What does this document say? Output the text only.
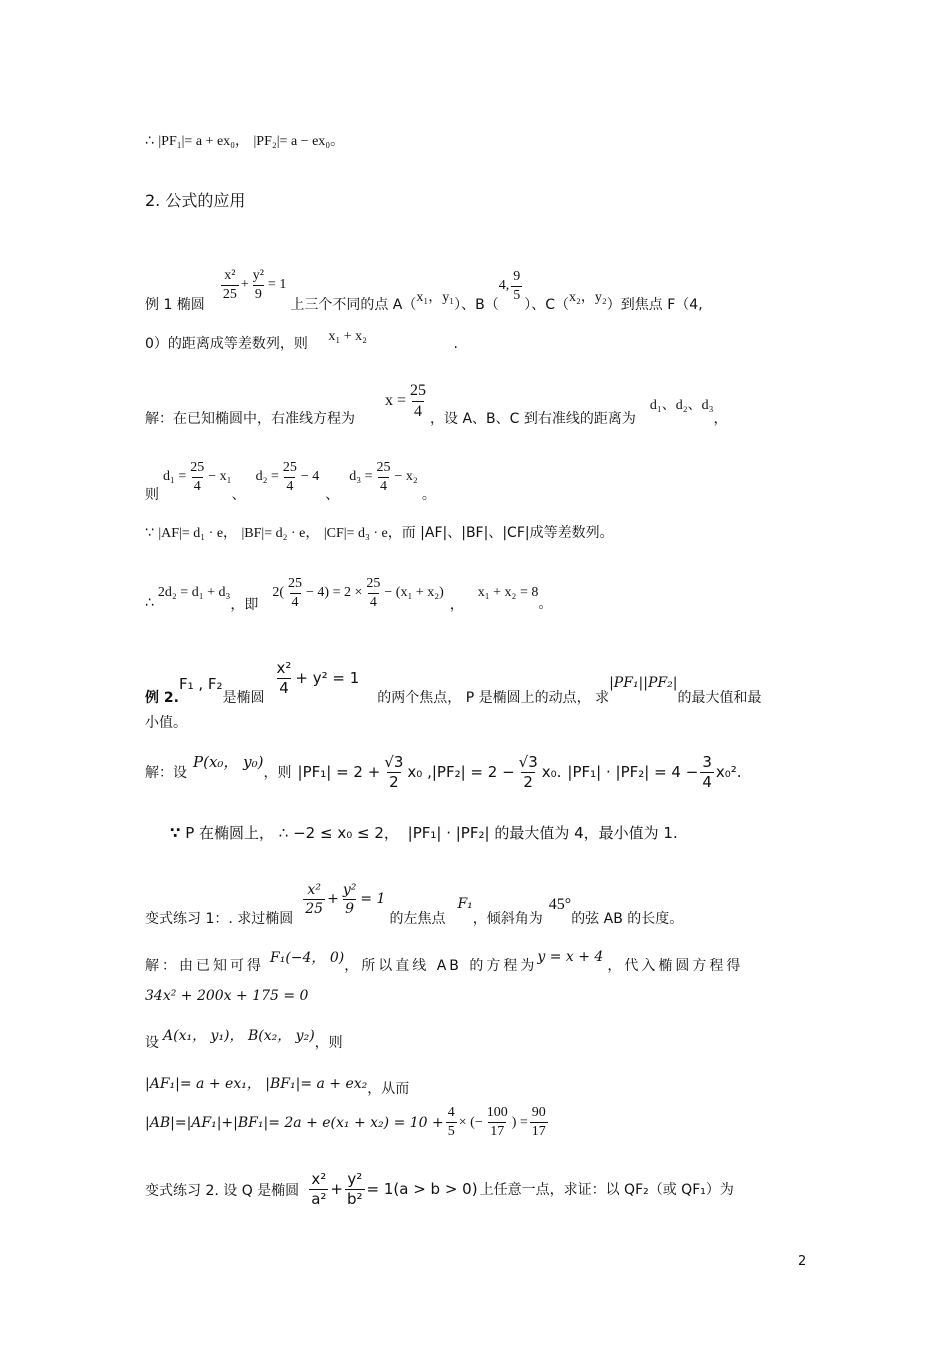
∴ |PF₁|= a + ex₀， |PF₂|= a − ex₀。
2. 公式的应用
例 1 椭圆
$\frac{\text{x²}}{25} + \frac{\text{y²}}{9} = 1$
上三个不同的点 A（ x₁，y₁ ）、B（
4, $\frac{9}{5}$
）、C（ x₂，y₂ ）到焦点 F（4,
0）的距离成等差数列，则 x₁ + x₂	.
解：在已知椭圆中，右准线方程为
$x = \frac{25}{4}$ ，设 A、B、C 到右准线的距离为
d₁、d₂、d₃
，
则
$d_1 = \frac{25}{4} - x_1$
、
$d_2 = \frac{25}{4} - 4$
、
$d_3 = \frac{25}{4} - x_2$
。
∵ |AF|= d₁ · e， |BF|= d₂ · e， |CF|= d₃ · e，而 |AF|、|BF|、|CF|成等差数列。
∴
2d₂ = d₁ + d₃
，即
$2( \frac{25}{4} - 4) = 2 \times \frac{25}{4} - (x_1 + x_2)$
，
x₁ + x₂ = 8
。
例 2.
F₁ , F₂
是椭圆
$\frac{\text{x²}}{4} + y^2 = 1$
的两个焦点， P 是椭圆上的动点， 求
|PF₁||PF₂|
的最大值和最
小值。
解：设
P(x₀， y₀)
，则 $|PF_1| = 2 + \frac{√3}{2} x_0$ , $|PF_2| = 2 - \frac{√3}{2} x_0$. $|PF_1| \cdot |PF_2| = 4 - \frac{3}{4} x_0^2$.
∵ P 在椭圆上， ∴ −2 ≤ x₀ ≤ 2， |PF₁| · |PF₂| 的最大值为 4，最小值为 1.
变式练习 1：. 求过椭圆
$\frac{\text{x²}}{25} + \frac{\text{y²}}{9} = 1$
的左焦点
F₁
，倾斜角为
45°
的弦 AB 的长度。
解：由已知可得 F₁(−4， 0) ，所以直线 AB 的方程为
y = x + 4
，代入椭圆方程得
34x² + 200x + 175 = 0
设 A(x₁， y₁)， B(x₂， y₂) ，则
|AF₁|= a + ex₁， |BF₁|= a + ex₂ ，从而
$|AB|=|AF_1|+|BF_1|= 2a + e(x_1 + x_2) = 10 + \frac{4}{5}$ × (− $\frac{100}{17}$ ) = $\frac{90}{17}$
变式练习 2. 设 Q 是椭圆 $\frac{\text{x²}}{\text{a²}} + \frac{\text{y²}}{\text{b²}} = 1(a > b > 0)$ 上任意一点，求证：以 QF₂（或 QF₁）为
2
